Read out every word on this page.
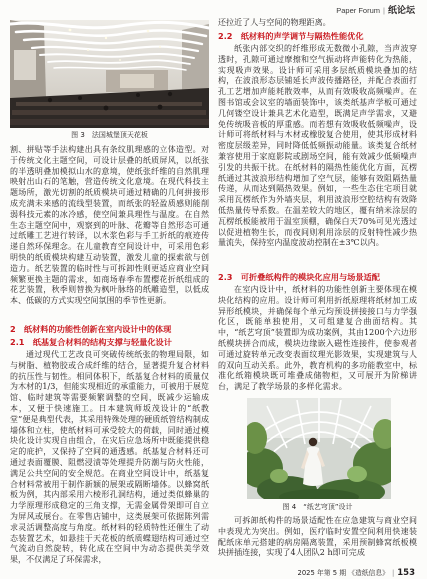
Paper Forum | 纸论坛
图 3　法国城堡顶天花板
割、拼贴等手法构建出具有条纹肌理感的立体造型。对于传统文化主题空间，可设计层叠的纸质屏风，以纸张的半透明叠加模拟山水的意境，使纸张纤维的自然肌理映射出山石的笔触，营造传统文化意境。在现代科技主题场所，激光切割的纸质模块可通过精确的几何拼接形成充满未来感的流线型装置，而纸张的轻盈质感则能削弱科技元素的冰冷感，使空间兼具理性与温度。在自然生态主题空间中，观察到的叶脉、花瓣等自然形态可通过纸雕工艺进行转译，以木浆色彩与手工折纸的痕迹传递自然环保理念。在儿童教育空间设计中，可采用色彩明快的纸质模块构建互动装置，激发儿童的探索欲与创造力。纸艺装置的临时性与可拆卸性则更适应商业空间频繁更换主题的需求，如商场春季布置樱花折纸组成的花艺装置，秋季则替换为枫叶脉络的纸雕造型，以低成本、低碳的方式实现空间氛围的季节性更新。
2　纸材料的功能性创新在室内设计中的体现
2.1　纸基复合材料的结构支撑与轻量化设计
通过现代工艺改良可突破传统纸张的物理局限，如与树脂、植物胶或合成纤维的结合，显著提升复合材料的抗压性与韧性。相同体积下，纸基复合材料的质量仅为木材的1/3，但能实现相近的承重能力，可被用于展览馆、临时建筑等需要频繁调整的空间，既减少运输成本，又便于快速施工。日本建筑师坂茂设计的“纸教堂”便是典型代表，其采用特殊处理的硬质纸管结构制成墙体和立柱，使纸材料可承受较大的荷载，同时通过模块化设计实现自由组合，在灾后应急场所中既能提供稳定的庇护，又保持了空间的通透感。纸基复合材料还可通过表面覆膜、阻燃浸渍等处理提升防潮与防火性能，满足公共空间的安全规范。在商业空间设计中，纸基复合材料常被用于制作新颖的展架或隔断墙体。以蜂窝纸板为例，其内部采用六棱形孔洞结构，通过类似蜂巢的力学原理形成稳定的三角支撑，无需金属骨架即可自立为屏风或展台。在零售店铺中，这类展架可依据陈列需求灵活调整高度与角度。纸材料的轻质特性还催生了动态装置艺术，如悬挂于天花板的纸质蝶翅结构可通过空气流动自然旋转，转化成在空间中为动态提供美学效果，不仅满足了环保需求，
还拉近了人与空间的物理距离。
2.2　纸材料的声学调节与隔热性能优化
纸张内部交织的纤维形成无数微小孔隙，当声波穿透时，孔隙可通过摩擦和空气振动将声能转化为热能，实现吸声效果。设计师可采用多层纸质模块叠加的结构，在波浪形态层铺延长声波传播路径，并配合表面打孔工艺增加声能耗散效率，从而有效吸收高频噪声。在图书馆或会议室的墙面装饰中，该类纸基声学板可通过几何镂空设计兼具艺术化造型，既满足声学需求，又避免传统吸音板的厚重感。而若想有效吸收低频噪声，设计师可将纸材料与木材或橡胶复合使用，使其形成材料密度层级差异，同时降低低频振动能量。该类复合纸材兼容使用于家庭影院或剧场空间，能有效减少低频噪声引发的共振干扰。在纸材料的隔热性能优化方面，瓦楞纸通过其波浪形结构增加了空气层，能够有效阻隔热量传递，从而达到隔热效果。例如，一些生态住宅项目就采用瓦楞纸作为外墙夹层，利用波浪形空腔结构有效降低热量传导系数。在温差较大的地区，覆有纳米涂层的瓦楞纸板能被用于温室顶棚，确保白天70%可见光透过以促进植物生长，而夜间则利用涂层的反射特性减少热量流失，保持室内温度波动控制在±3℃以内。
2.3　可折叠纸构件的模块化应用与场景适配
在室内设计中，纸材料的功能性创新主要体现在模块化结构的应用。设计师可利用折纸原理将纸材加工成异形纸模块，并确保每个单元均预设拼接接口与力学强化区，既能单独使用，又可组建复合曲面结构。其中，“纸艺穹顶”装置即为成功案例，其由1200个六边形纸模块拼合而成，模块边缘嵌入磁性连接件，使参观者可通过旋转单元改变表面纹理光影效果，实现建筑与人的双向互动关系。此外，教育机构的多功能教室中，标准化纸箱模块既可堆叠成储物柜，又可展开为阶梯讲台，满足了教学场景的多样化需求。
图 4　“纸艺穹顶”设计
可拆卸纸构件的场景适配性在应急建筑与商业空间中表现尤为突出。例如，医疗临时安置空间利用快速装配纸床单元搭建的病房隔离装置，采用预制蜂窝纸板模块拼插连接，实现了4人团队2 h即可完成
2025 年第 5 期 《造纸信息》 | 153
